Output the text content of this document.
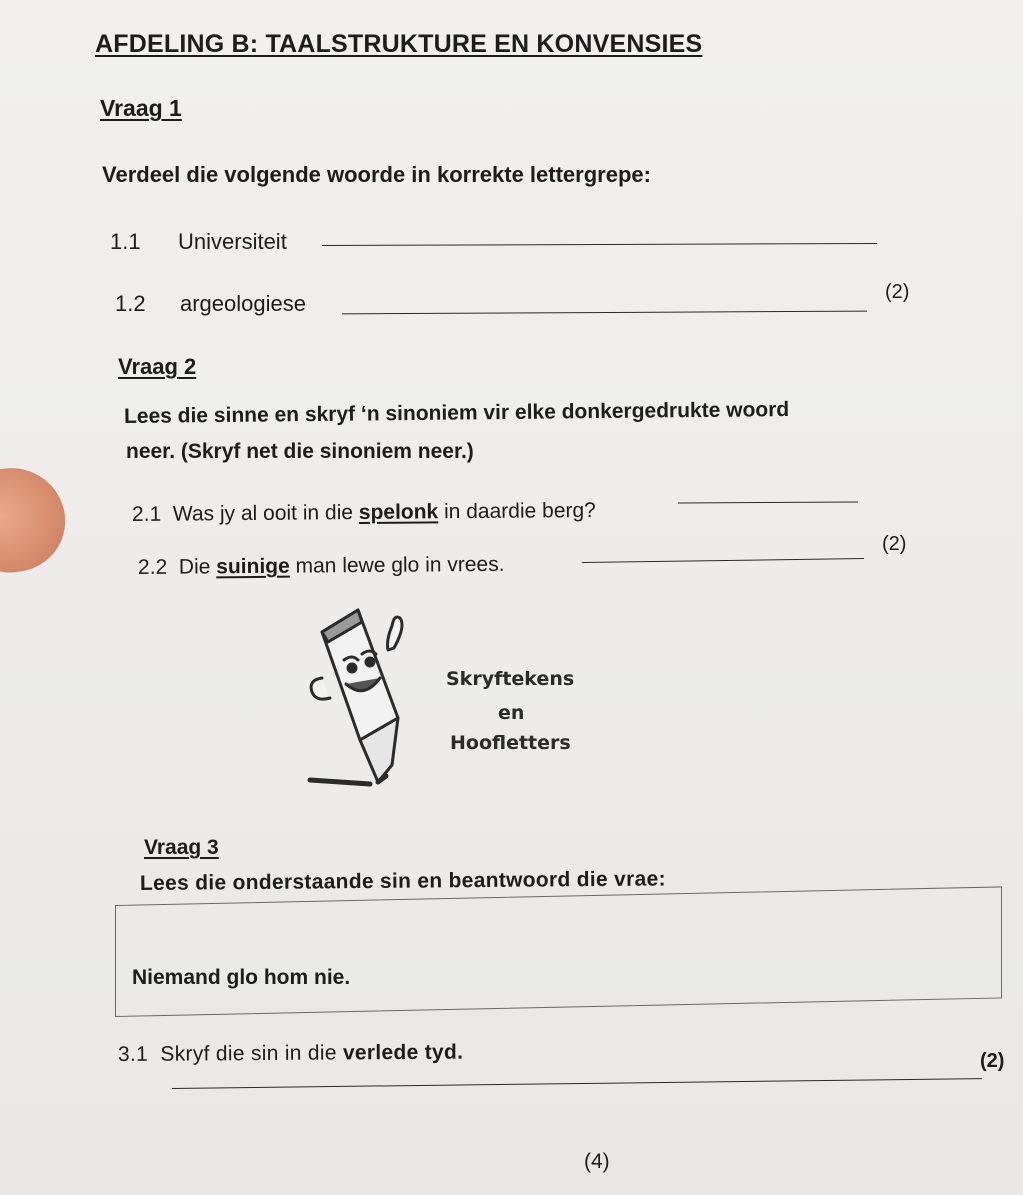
AFDELING B: TAALSTRUKTURE EN KONVENSIES
Vraag 1
Verdeel die volgende woorde in korrekte lettergrepe:
1.1 Universiteit
1.2 argeologiese	(2)
Vraag 2
Lees die sinne en skryf ‘n sinoniem vir elke donkergedrukte woord
neer. (Skryf net die sinoniem neer.)
2.1 Was jy al ooit in die spelonk in daardie berg?
2.2 Die suinige man lewe glo in vrees.
(2)
Skryftekens
en
Hoofletters
Vraag 3
Lees die onderstaande sin en beantwoord die vrae:
Niemand glo hom nie.
3.1 Skryf die sin in die verlede tyd.	(2)
(4)
